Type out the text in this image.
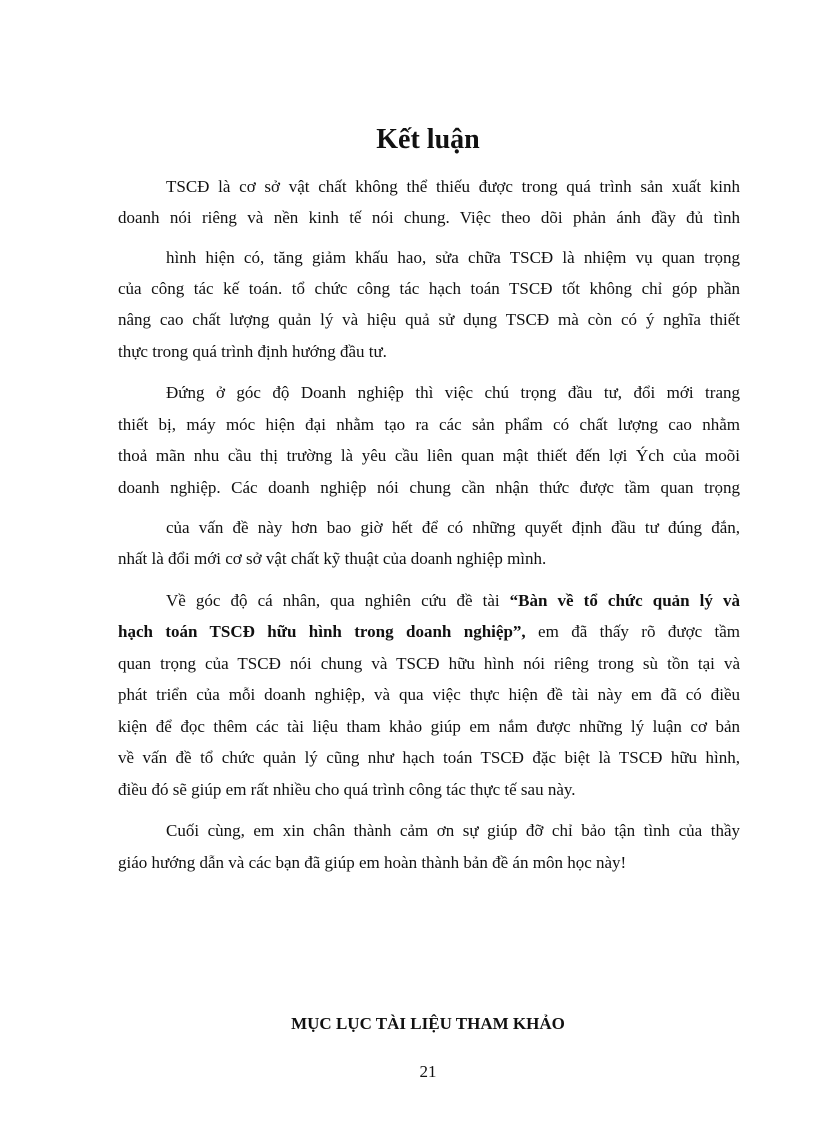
Kết luận
TSCĐ là cơ sở vật chất không thể thiếu được trong quá trình sản xuất kinh
doanh nói riêng và nền kinh tế nói chung. Việc theo dõi phản ánh đầy đủ tình
hình hiện có, tăng giảm khấu hao, sửa chữa TSCĐ là nhiệm vụ quan trọng
của công tác kế toán. tổ chức công tác hạch toán TSCĐ tốt không chỉ góp phần
nâng cao chất lượng quản lý và hiệu quả sử dụng TSCĐ mà còn có ý nghĩa thiết
thực trong quá trình định hướng đầu tư.
Đứng ở góc độ Doanh nghiệp thì việc chú trọng đầu tư, đổi mới trang
thiết bị, máy móc hiện đại nhằm tạo ra các sản phẩm có chất lượng cao nhằm
thoả mãn nhu cầu thị trường là yêu cầu liên quan mật thiết đến lợi Ých của moõi
doanh nghiệp. Các doanh nghiệp nói chung cần nhận thức được tầm quan trọng
của vấn đề này hơn bao giờ hết để có những quyết định đầu tư đúng đắn,
nhất là đổi mới cơ sở vật chất kỹ thuật của doanh nghiệp mình.
Về góc độ cá nhân, qua nghiên cứu đề tài “Bàn về tổ chức quản lý và
hạch toán TSCĐ hữu hình trong doanh nghiệp”, em đã thấy rõ được tầm
quan trọng của TSCĐ nói chung và TSCĐ hữu hình nói riêng trong sù tồn tại và
phát triển của mỗi doanh nghiệp, và qua việc thực hiện đề tài này em đã có điều
kiện để đọc thêm các tài liệu tham khảo giúp em nắm được những lý luận cơ bản
về vấn đề tổ chức quản lý cũng như hạch toán TSCĐ đặc biệt là TSCĐ hữu hình,
điều đó sẽ giúp em rất nhiều cho quá trình công tác thực tế sau này.
Cuối cùng, em xin chân thành cảm ơn sự giúp đỡ chỉ bảo tận tình của thầy
giáo hướng dẫn và các bạn đã giúp em hoàn thành bản đề án môn học này!
MỤC LỤC TÀI LIỆU THAM KHẢO
21
